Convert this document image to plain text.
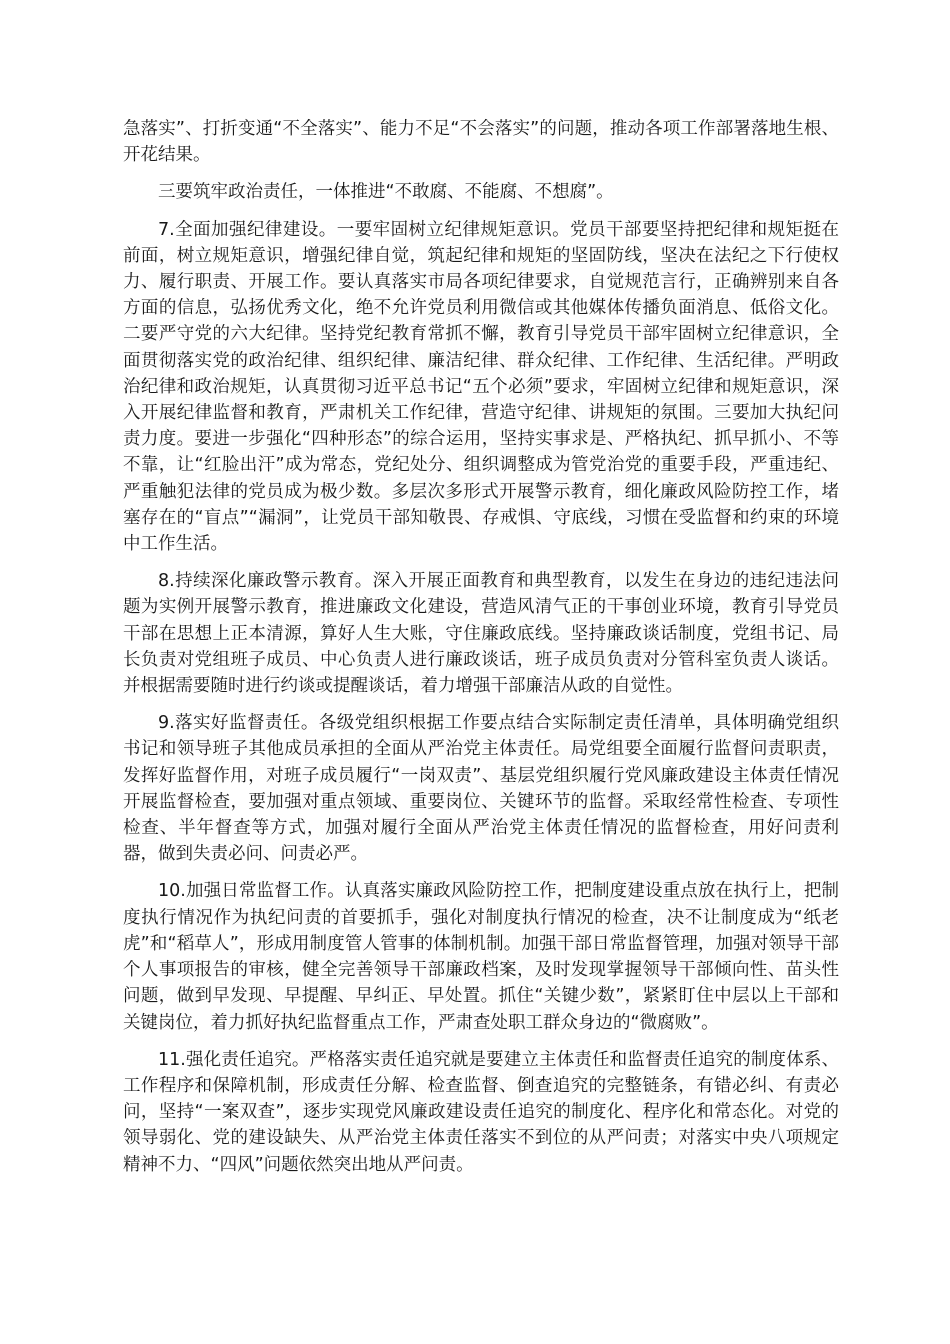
急落实”、打折变通“不全落实”、能力不足“不会落实”的问题，推动各项工作部署落地生根、开花结果。

三要筑牢政治责任，一体推进“不敢腐、不能腐、不想腐”。

7.全面加强纪律建设。一要牢固树立纪律规矩意识。党员干部要坚持把纪律和规矩挺在前面，树立规矩意识，增强纪律自觉，筑起纪律和规矩的坚固防线，坚决在法纪之下行使权力、履行职责、开展工作。要认真落实市局各项纪律要求，自觉规范言行，正确辨别来自各方面的信息，弘扬优秀文化，绝不允许党员利用微信或其他媒体传播负面消息、低俗文化。二要严守党的六大纪律。坚持党纪教育常抓不懈，教育引导党员干部牢固树立纪律意识，全面贯彻落实党的政治纪律、组织纪律、廉洁纪律、群众纪律、工作纪律、生活纪律。严明政治纪律和政治规矩，认真贯彻习近平总书记“五个必须”要求，牢固树立纪律和规矩意识，深入开展纪律监督和教育，严肃机关工作纪律，营造守纪律、讲规矩的氛围。三要加大执纪问责力度。要进一步强化“四种形态”的综合运用，坚持实事求是、严格执纪、抓早抓小、不等不靠，让“红脸出汗”成为常态，党纪处分、组织调整成为管党治党的重要手段，严重违纪、严重触犯法律的党员成为极少数。多层次多形式开展警示教育，细化廉政风险防控工作，堵塞存在的“盲点”“漏洞”，让党员干部知敬畏、存戒惧、守底线，习惯在受监督和约束的环境中工作生活。

8.持续深化廉政警示教育。深入开展正面教育和典型教育，以发生在身边的违纪违法问题为实例开展警示教育，推进廉政文化建设，营造风清气正的干事创业环境，教育引导党员干部在思想上正本清源，算好人生大账，守住廉政底线。坚持廉政谈话制度，党组书记、局长负责对党组班子成员、中心负责人进行廉政谈话，班子成员负责对分管科室负责人谈话。并根据需要随时进行约谈或提醒谈话，着力增强干部廉洁从政的自觉性。

9.落实好监督责任。各级党组织根据工作要点结合实际制定责任清单，具体明确党组织书记和领导班子其他成员承担的全面从严治党主体责任。局党组要全面履行监督问责职责，发挥好监督作用，对班子成员履行“一岗双责”、基层党组织履行党风廉政建设主体责任情况开展监督检查，要加强对重点领域、重要岗位、关键环节的监督。采取经常性检查、专项性检查、半年督查等方式，加强对履行全面从严治党主体责任情况的监督检查，用好问责利器，做到失责必问、问责必严。

10.加强日常监督工作。认真落实廉政风险防控工作，把制度建设重点放在执行上，把制度执行情况作为执纪问责的首要抓手，强化对制度执行情况的检查，决不让制度成为“纸老虎”和“稻草人”，形成用制度管人管事的体制机制。加强干部日常监督管理，加强对领导干部个人事项报告的审核，健全完善领导干部廉政档案，及时发现掌握领导干部倾向性、苗头性问题，做到早发现、早提醒、早纠正、早处置。抓住“关键少数”，紧紧盯住中层以上干部和关键岗位，着力抓好执纪监督重点工作，严肃查处职工群众身边的“微腐败”。

11.强化责任追究。严格落实责任追究就是要建立主体责任和监督责任追究的制度体系、工作程序和保障机制，形成责任分解、检查监督、倒查追究的完整链条，有错必纠、有责必问，坚持“一案双查”，逐步实现党风廉政建设责任追究的制度化、程序化和常态化。对党的领导弱化、党的建设缺失、从严治党主体责任落实不到位的从严问责；对落实中央八项规定精神不力、“四风”问题依然突出地从严问责。
